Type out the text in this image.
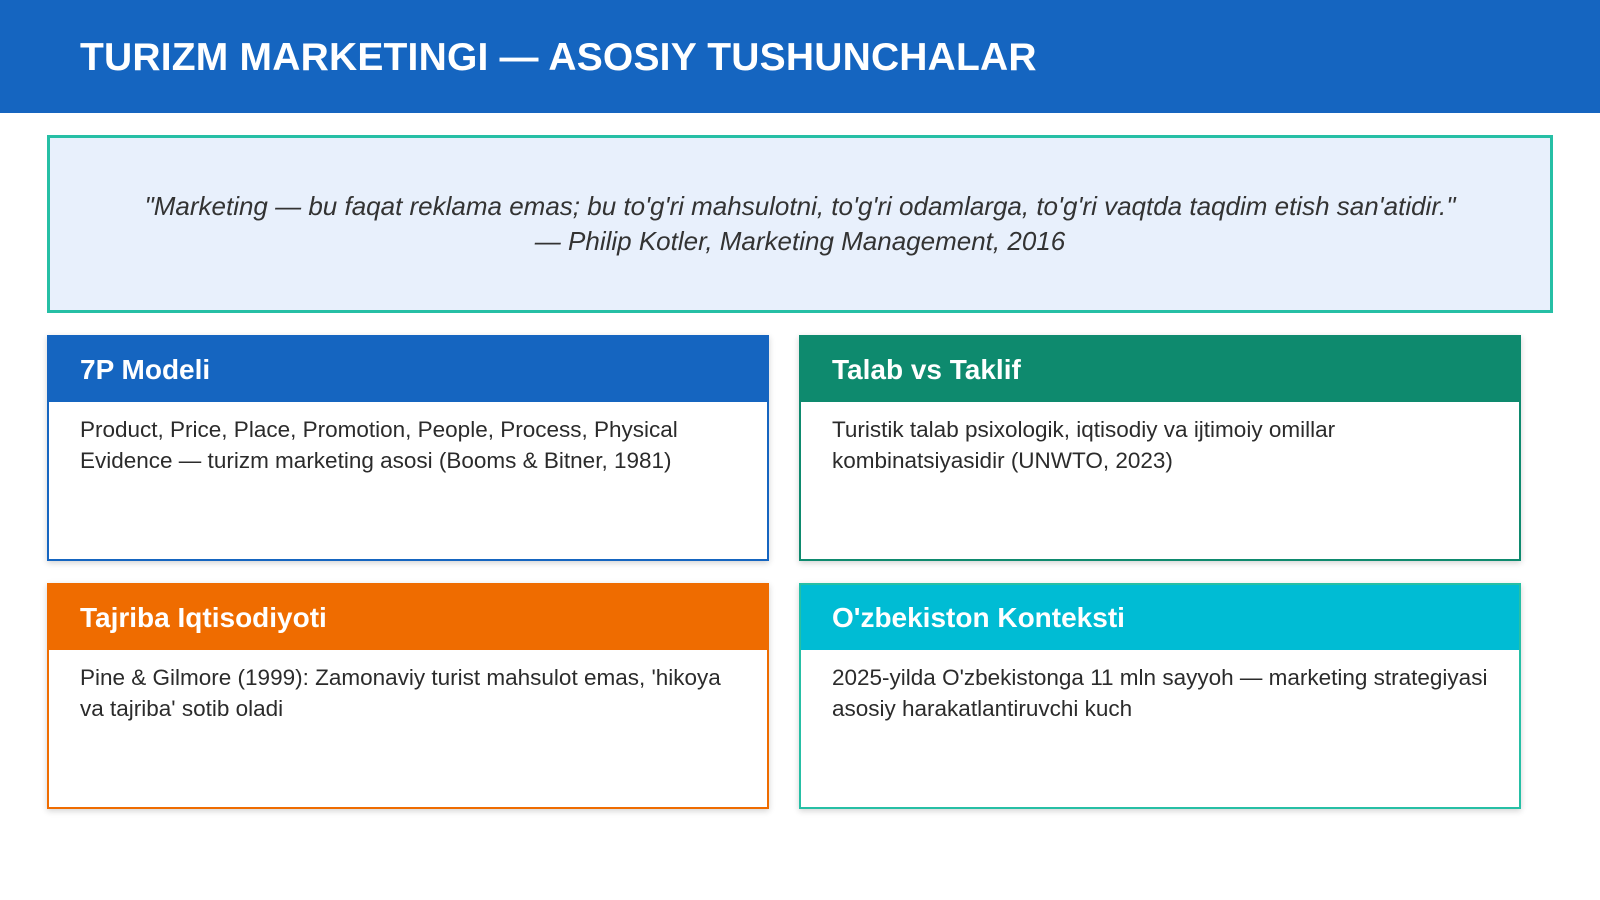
TURIZM MARKETINGI — ASOSIY TUSHUNCHALAR
"Marketing — bu faqat reklama emas; bu to'g'ri mahsulotni, to'g'ri odamlarga, to'g'ri vaqtda taqdim etish san'atidir."
— Philip Kotler, Marketing Management, 2016
7P Modeli
Product, Price, Place, Promotion, People, Process, Physical Evidence — turizm marketing asosi (Booms & Bitner, 1981)
Talab vs Taklif
Turistik talab psixologik, iqtisodiy va ijtimoiy omillar kombinatsiyasidir (UNWTO, 2023)
Tajriba Iqtisodiyoti
Pine & Gilmore (1999): Zamonaviy turist mahsulot emas, 'hikoya va tajriba' sotib oladi
O'zbekiston Konteksti
2025-yilda O'zbekistonga 11 mln sayyoh — marketing strategiyasi asosiy harakatlantiruvchi kuch
